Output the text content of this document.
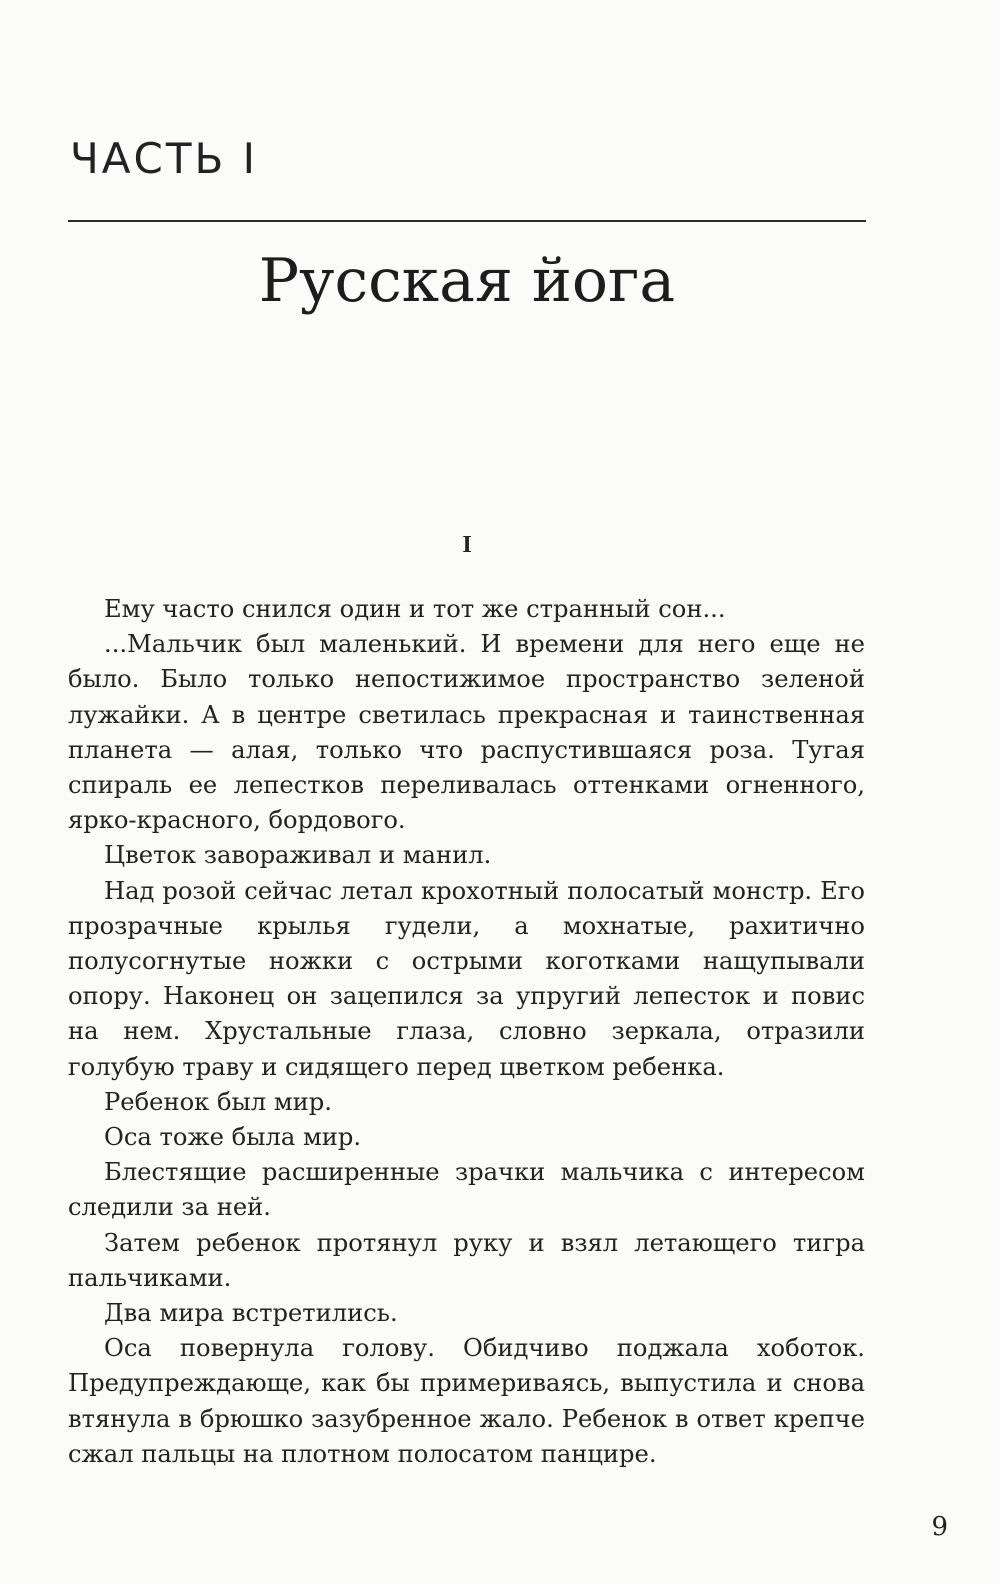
ЧАСТЬ I
Русская йога
I

Ему часто снился один и тот же странный сон...

...Мальчик был маленький. И времени для него еще не было. Было только непостижимое пространство зеленой лужайки. А в центре светилась прекрасная и таинственная планета — алая, только что распустившаяся роза. Тугая спираль ее лепестков переливалась оттенками огненного, ярко-красного, бордового.

Цветок завораживал и манил.

Над розой сейчас летал крохотный полосатый монстр. Его прозрачные крылья гудели, а мохнатые, рахитично полусогнутые ножки с острыми коготками нащупывали опору. Наконец он зацепился за упругий лепесток и повис на нем. Хрустальные глаза, словно зеркала, отразили голубую траву и сидящего перед цветком ребенка.

Ребенок был мир.

Оса тоже была мир.

Блестящие расширенные зрачки мальчика с интересом следили за ней.

Затем ребенок протянул руку и взял летающего тигра пальчиками.

Два мира встретились.

Оса повернула голову. Обидчиво поджала хоботок. Предупреждающе, как бы примериваясь, выпустила и снова втянула в брюшко зазубренное жало. Ребенок в ответ крепче сжал пальцы на плотном полосатом панцире.

9
